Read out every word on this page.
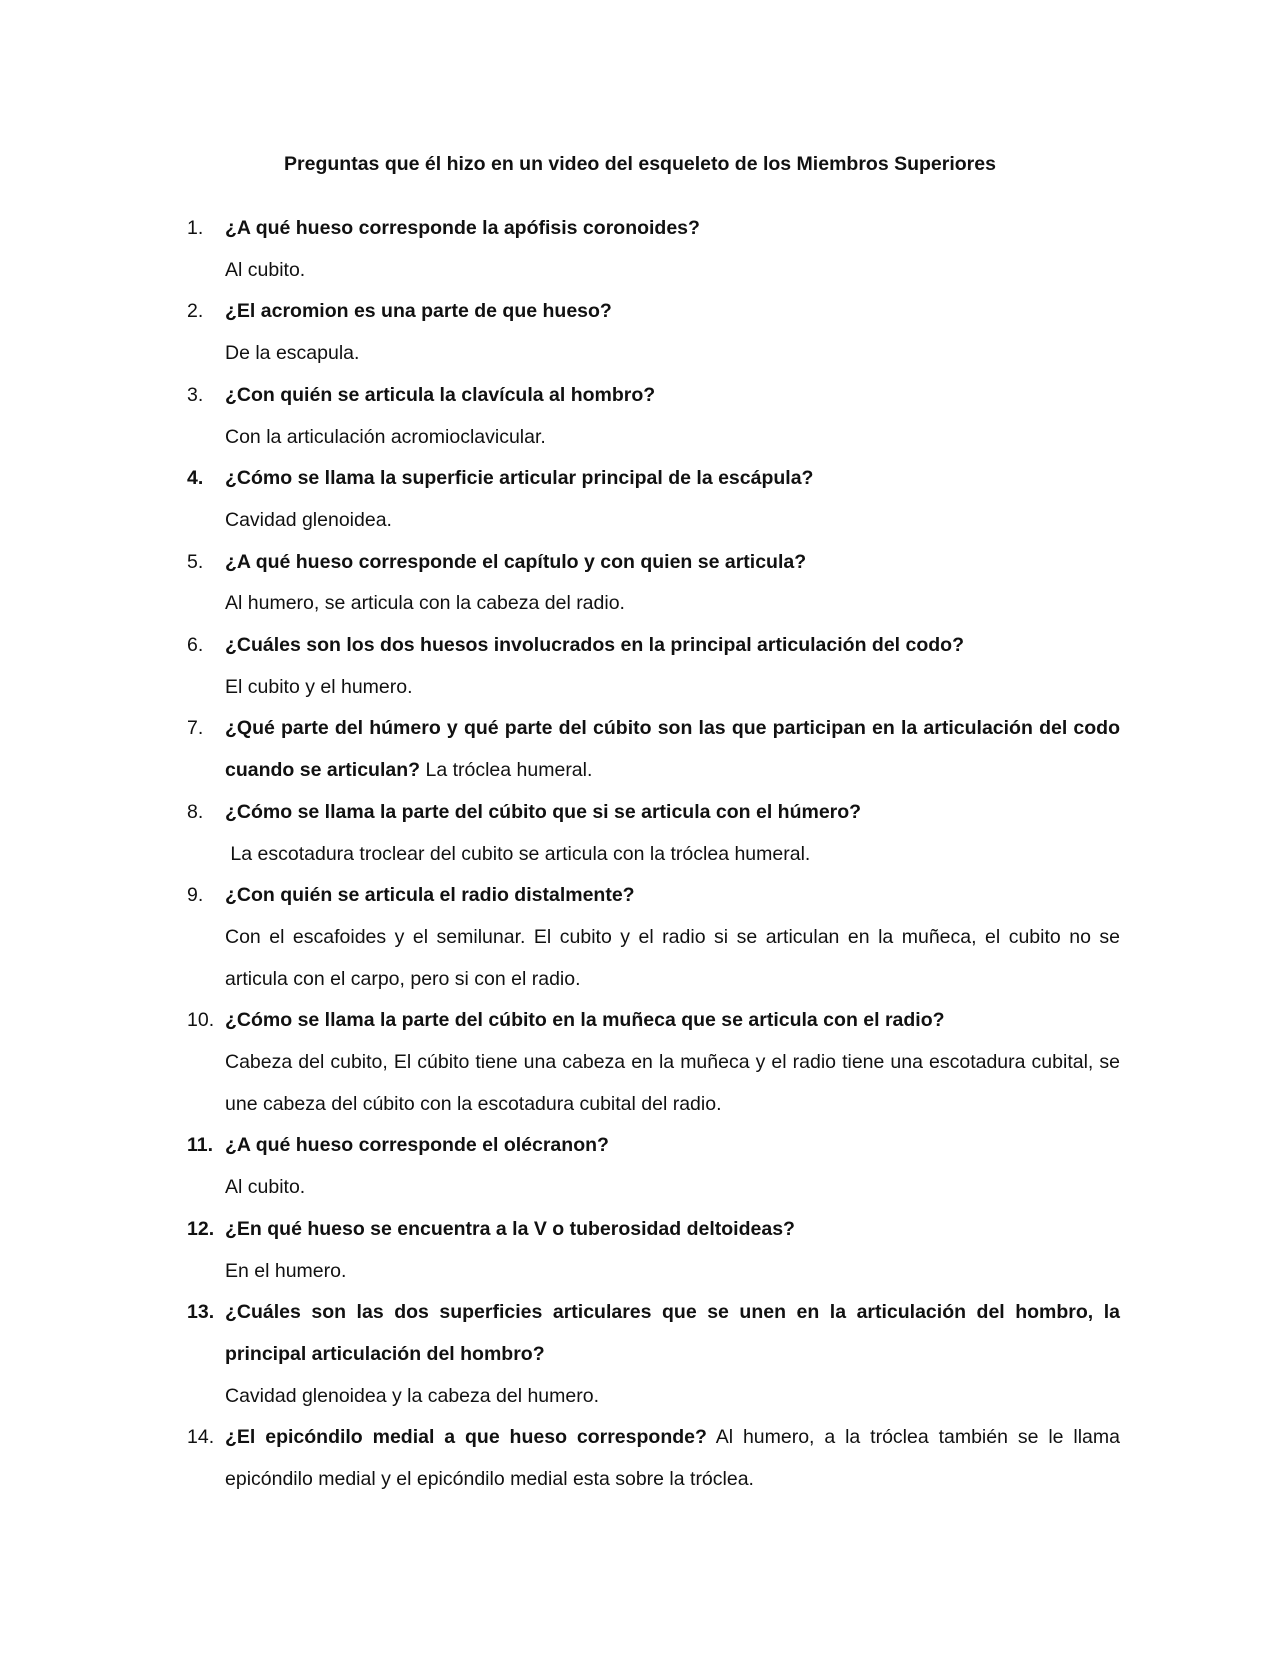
Preguntas que él hizo en un video del esqueleto de los Miembros Superiores

1.	¿A qué hueso corresponde la apófisis coronoides?

Al cubito.

2.	¿El acromion es una parte de que hueso?

De la escapula.

3.	¿Con quién se articula la clavícula al hombro?

Con la articulación acromioclavicular.

4.	¿Cómo se llama la superficie articular principal de la escápula?

Cavidad glenoidea.

5.	¿A qué hueso corresponde el capítulo y con quien se articula?

Al humero, se articula con la cabeza del radio.

6.	¿Cuáles son los dos huesos involucrados en la principal articulación del codo?

El cubito y el humero.

7.	¿Qué parte del húmero y qué parte del cúbito son las que participan en la articulación del codo cuando se articulan? La tróclea humeral.

8.	¿Cómo se llama la parte del cúbito que si se articula con el húmero?

La escotadura troclear del cubito se articula con la tróclea humeral.

9.	¿Con quién se articula el radio distalmente?

Con el escafoides y el semilunar. El cubito y el radio si se articulan en la muñeca, el cubito no se articula con el carpo, pero si con el radio.

10. ¿Cómo se llama la parte del cúbito en la muñeca que se articula con el radio?

Cabeza del cubito, El cúbito tiene una cabeza en la muñeca y el radio tiene una escotadura cubital, se une cabeza del cúbito con la escotadura cubital del radio.

11. ¿A qué hueso corresponde el olécranon?

Al cubito.

12. ¿En qué hueso se encuentra a la V o tuberosidad deltoideas?

En el humero.

13. ¿Cuáles son las dos superficies articulares que se unen en la articulación del hombro, la principal articulación del hombro?

Cavidad glenoidea y la cabeza del humero.

14. ¿El epicóndilo medial a que hueso corresponde? Al humero, a la tróclea también se le llama epicóndilo medial y el epicóndilo medial esta sobre la tróclea.
